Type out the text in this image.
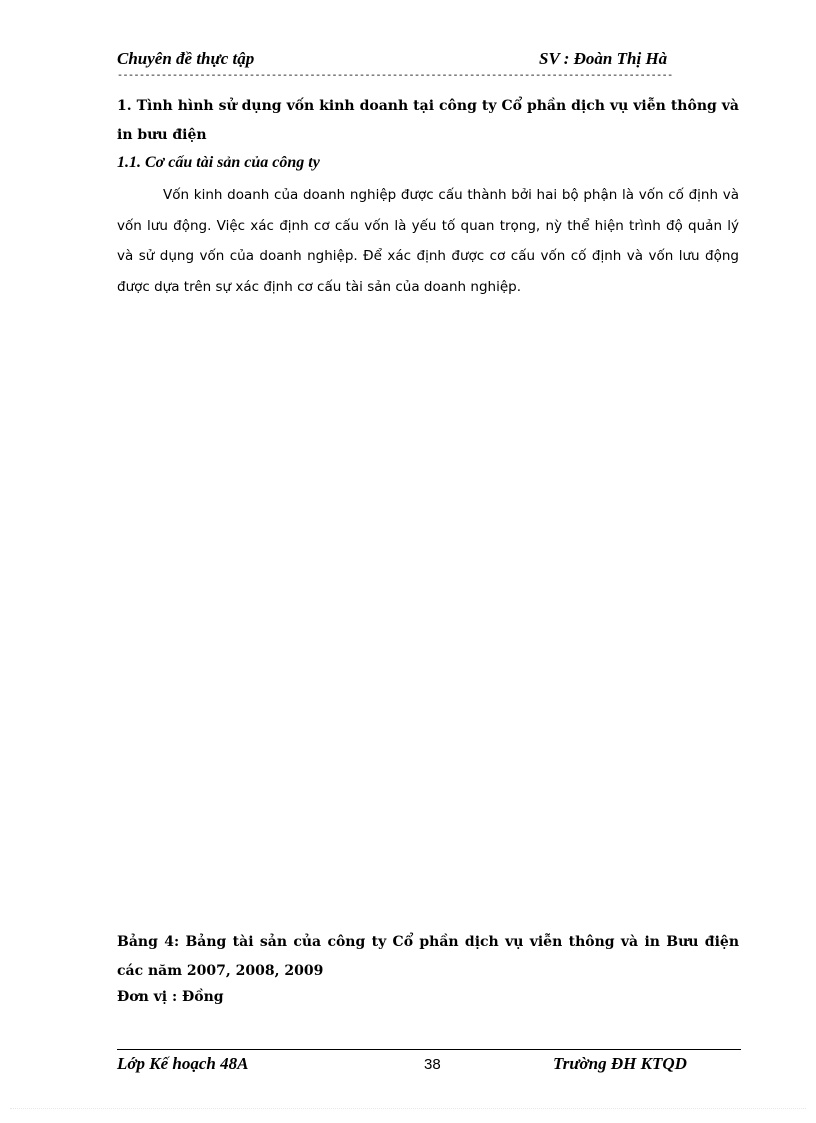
Chuyên đề thực tập	SV : Đoàn Thị Hà
-----------------------------------------------------------------------------------------------------
1. Tình hình sử dụng vốn kinh doanh tại công ty Cổ phần dịch vụ viễn thông và in bưu điện
1.1. Cơ cấu tài sản của công ty

Vốn kinh doanh của doanh nghiệp được cấu thành bởi hai bộ phận là vốn cố định và vốn lưu động. Việc xác định cơ cấu vốn là yếu tố quan trọng, nỳ thể hiện trình độ quản lý và sử dụng vốn của doanh nghiệp. Để xác định được cơ cấu vốn cố định và vốn lưu động được dựa trên sự xác định cơ cấu tài sản của doanh nghiệp.

Bảng 4: Bảng tài sản của công ty Cổ phần dịch vụ viễn thông và in Bưu điện các năm 2007, 2008, 2009
Đơn vị : Đồng
Lớp Kế hoạch 48A	38	Trường ĐH KTQD
